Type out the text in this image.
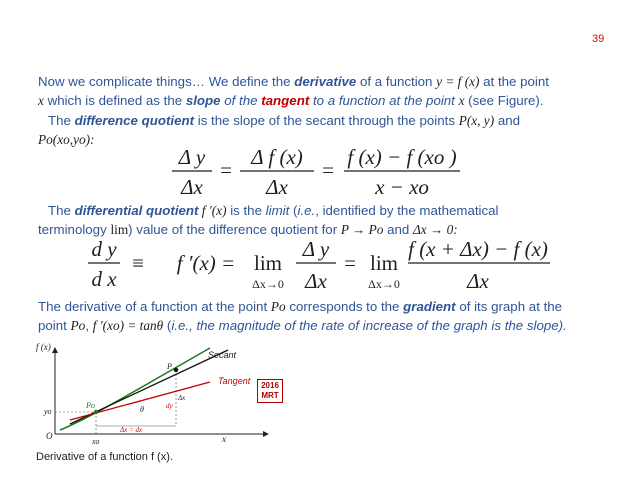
39
Now we complicate things… We define the derivative of a function y = f (x) at the point
x which is defined as the slope of the tangent to a function at the point x (see Figure).
The difference quotient is the slope of the secant through the points P(x, y) and
Po(xo,yo):
Δ y
Δx
=
Δ f (x)
Δx
=
f (x) − f (xo )
x − xo
The differential quotient f ′(x) is the limit (i.e., identified by the mathematical
terminology lim) value of the difference quotient for P → Po and Δx → 0:
d y
d x
≡ f ′(x) = lim
Δx→0
Δ y
Δx
= lim
Δx→0
f (x + Δx) − f (x)
Δx
The derivative of a function at the point Po corresponds to the gradient of its graph at the
point Po, f ′(xo) = tanθ (i.e., the magnitude of the rate of increase of the graph is the slope).
f (x)
x
O
yo
xo
Po
P
θ
Δx = dx
Δx
dy
Secant
Tangent 2016
MRT
Derivative of a function f (x).
